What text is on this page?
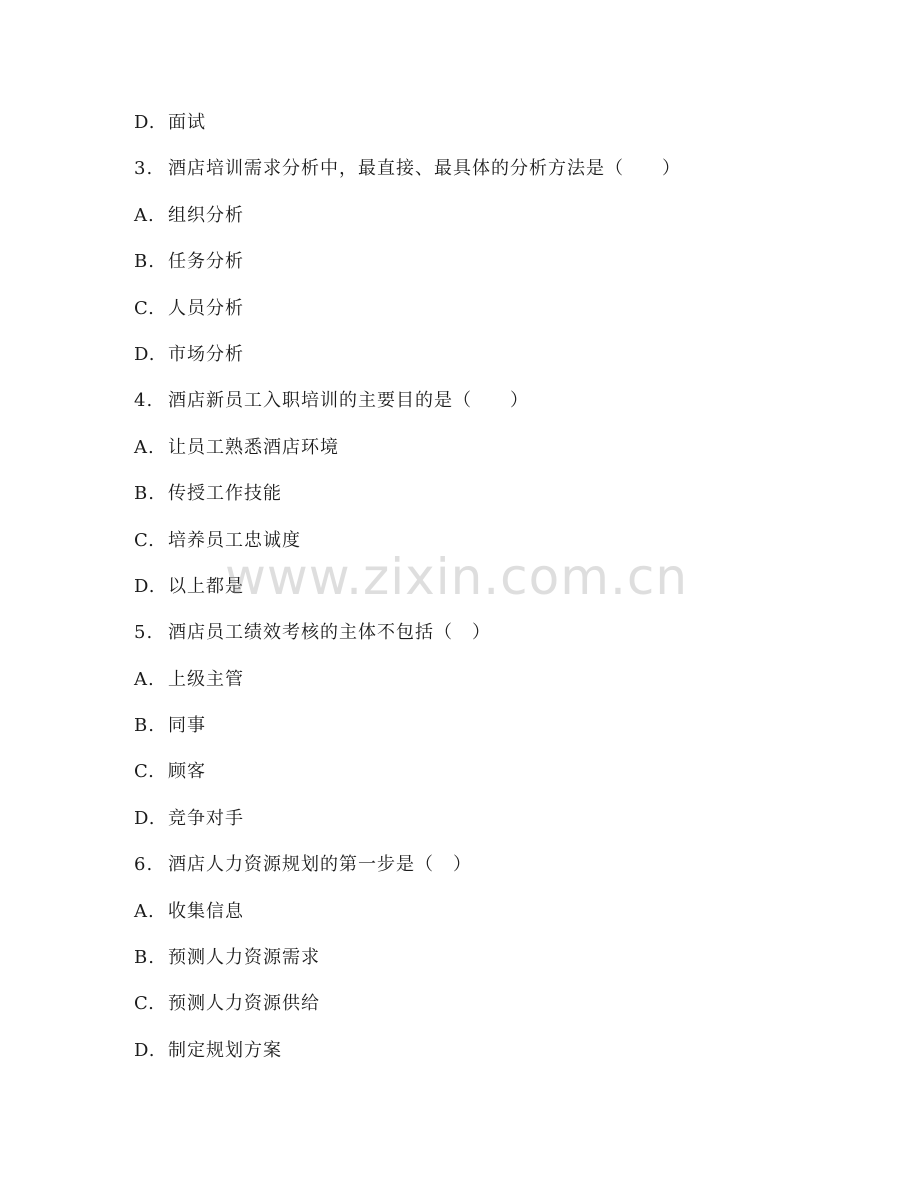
D. 面试
3. 酒店培训需求分析中，最直接、最具体的分析方法是（　　）
A. 组织分析
B. 任务分析
C. 人员分析
D. 市场分析
4. 酒店新员工入职培训的主要目的是（　　）
A. 让员工熟悉酒店环境
B. 传授工作技能
C. 培养员工忠诚度
D. 以上都是
5. 酒店员工绩效考核的主体不包括（　）
A. 上级主管
B. 同事
C. 顾客
D. 竞争对手
6. 酒店人力资源规划的第一步是（　）
A. 收集信息
B. 预测人力资源需求
C. 预测人力资源供给
D. 制定规划方案
www.zixin.com.cn
